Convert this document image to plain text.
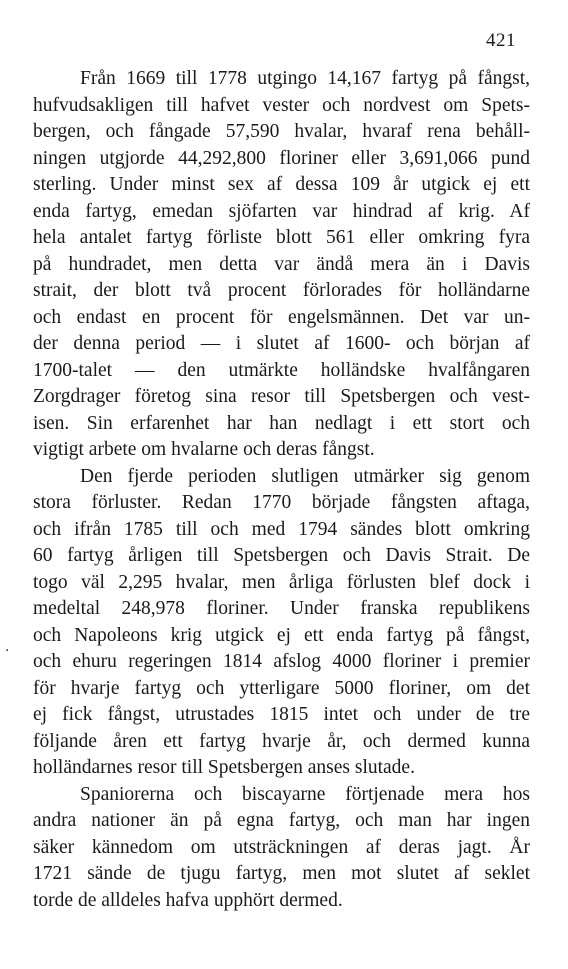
421
·
Från 1669 till 1778 utgingo 14,167 fartyg på fångst,
hufvudsakligen till hafvet vester och nordvest om Spets-
bergen, och fångade 57,590 hvalar, hvaraf rena behåll-
ningen utgjorde 44,292,800 floriner eller 3,691,066 pund
sterling. Under minst sex af dessa 109 år utgick ej ett
enda fartyg, emedan sjöfarten var hindrad af krig. Af
hela antalet fartyg förliste blott 561 eller omkring fyra
på hundradet, men detta var ändå mera än i Davis
strait, der blott två procent förlorades för holländarne
och endast en procent för engelsmännen. Det var un-
der denna period — i slutet af 1600- och början af
1700-talet — den utmärkte holländske hvalfångaren
Zorgdrager företog sina resor till Spetsbergen och vest-
isen. Sin erfarenhet har han nedlagt i ett stort och
vigtigt arbete om hvalarne och deras fångst.
Den fjerde perioden slutligen utmärker sig genom
stora förluster. Redan 1770 började fångsten aftaga,
och ifrån 1785 till och med 1794 sändes blott omkring
60 fartyg årligen till Spetsbergen och Davis Strait. De
togo väl 2,295 hvalar, men årliga förlusten blef dock i
medeltal 248,978 floriner. Under franska republikens
och Napoleons krig utgick ej ett enda fartyg på fångst,
och ehuru regeringen 1814 afslog 4000 floriner i premier
för hvarje fartyg och ytterligare 5000 floriner, om det
ej fick fångst, utrustades 1815 intet och under de tre
följande åren ett fartyg hvarje år, och dermed kunna
holländarnes resor till Spetsbergen anses slutade.
Spaniorerna och biscayarne förtjenade mera hos
andra nationer än på egna fartyg, och man har ingen
säker kännedom om utsträckningen af deras jagt. År
1721 sände de tjugu fartyg, men mot slutet af seklet
torde de alldeles hafva upphört dermed.
